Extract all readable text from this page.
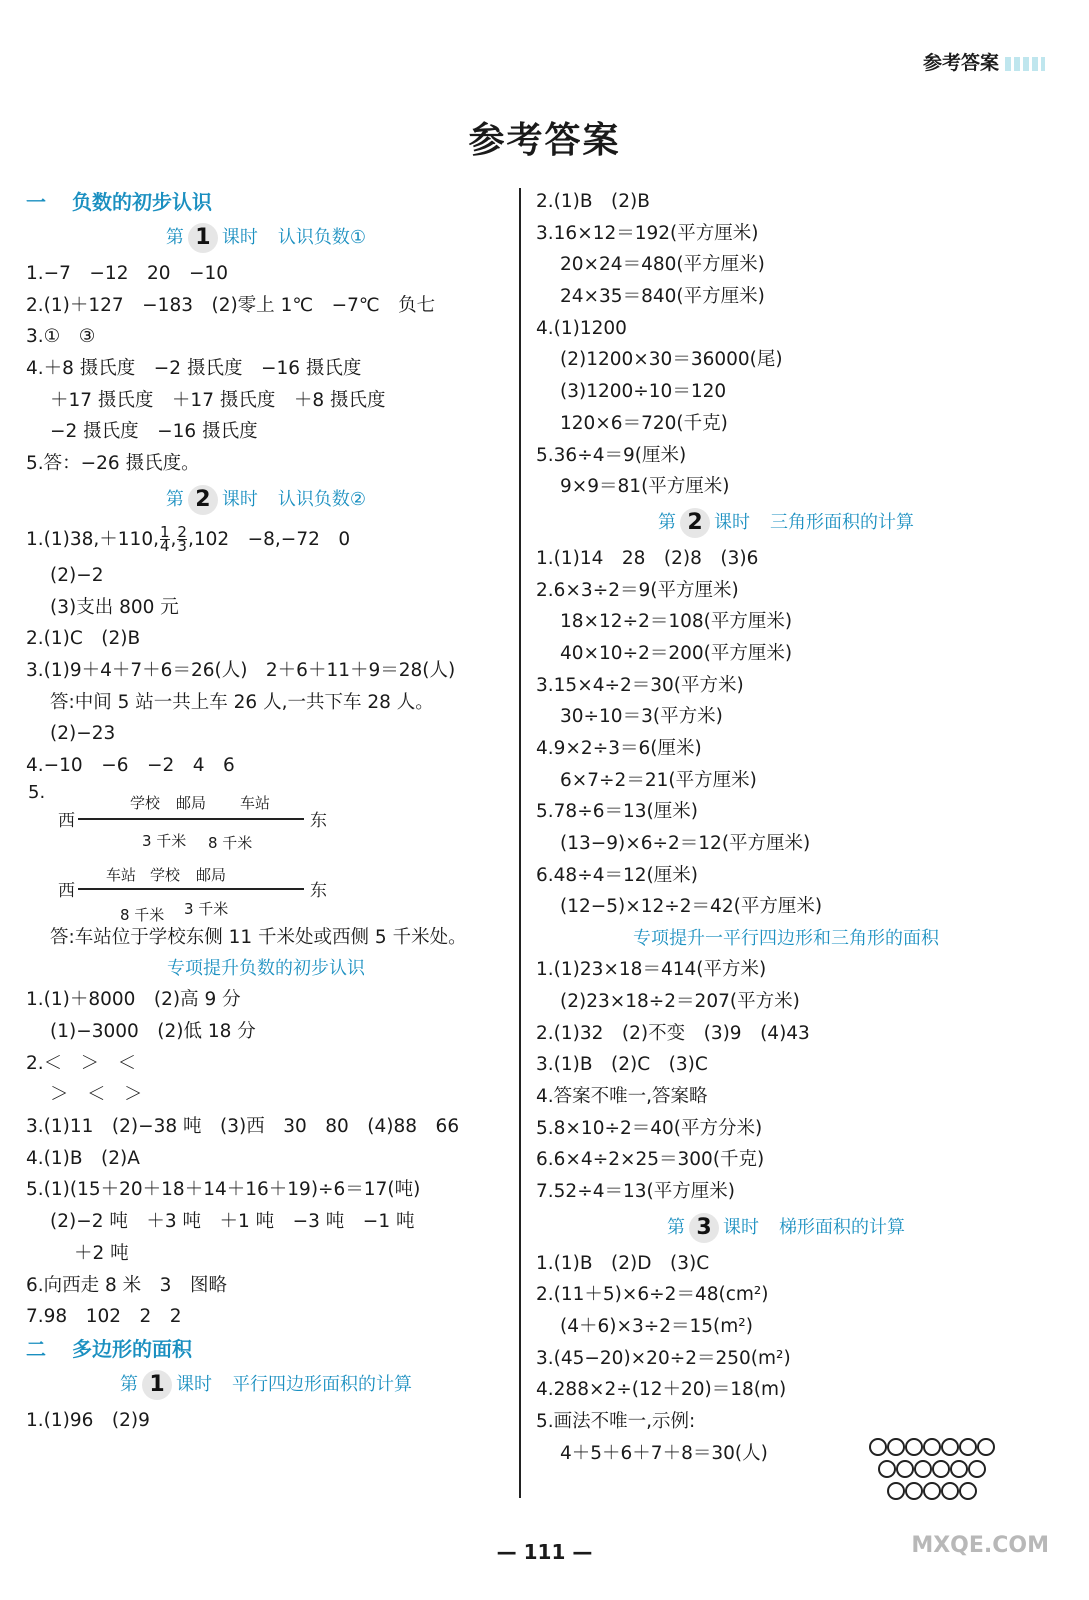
参考答案
参考答案
一 负数的初步认识
第 1 课时 认识负数①
1.−7　−12　20　−10
2.(1)＋127　−183　(2)零上 1℃　−7℃　负七
3.①　③
4.＋8 摄氏度　−2 摄氏度　−16 摄氏度
＋17 摄氏度　＋17 摄氏度　＋8 摄氏度
−2 摄氏度　−16 摄氏度
5.答：−26 摄氏度。
第 2 课时 认识负数②
1.(1)38,＋110, $\frac{1}{4}$ , $\frac{2}{3} ,102$　−8,−72　0
(2)−2
(3)支出 800 元
2.(1)C　(2)B
3.(1)9＋4＋7＋6＝26(人)　2＋6＋11＋9＝28(人)
答:中间 5 站一共上车 26 人,一共下车 28 人。
(2)−23
4.−10　−6　−2　4　6
5.
西	东
学校 邮局 车站
3 千米 8 千米
西	东
车站 学校 邮局
8 千米 3 千米
答:车站位于学校东侧 11 千米处或西侧 5 千米处。
专项提升负数的初步认识
1.(1)＋8000　(2)高 9 分
(1)−3000　(2)低 18 分
2.＜　＞　＜
＞　＜　＞
3.(1)11　(2)−38 吨　(3)西　30　80　(4)88　66
4.(1)B　(2)A
5.(1)(15＋20＋18＋14＋16＋19)÷6＝17(吨)
(2)−2 吨　＋3 吨　＋1 吨　−3 吨　−1 吨
＋2 吨
6.向西走 8 米　3　图略
7.98　102　2　2
二 多边形的面积
第 1 课时 平行四边形面积的计算
1.(1)96　(2)9
2.(1)B　(2)B
3.16×12＝192(平方厘米)
20×24＝480(平方厘米)
24×35＝840(平方厘米)
4.(1)1200
(2)1200×30＝36000(尾)
(3)1200÷10＝120
120×6＝720(千克)
5.36÷4＝9(厘米)
9×9＝81(平方厘米)
第 2 课时 三角形面积的计算
1.(1)14　28　(2)8　(3)6
2.6×3÷2＝9(平方厘米)
18×12÷2＝108(平方厘米)
40×10÷2＝200(平方厘米)
3.15×4÷2＝30(平方米)
30÷10＝3(平方米)
4.9×2÷3＝6(厘米)
6×7÷2＝21(平方厘米)
5.78÷6＝13(厘米)
(13−9)×6÷2＝12(平方厘米)
6.48÷4＝12(厘米)
(12−5)×12÷2＝42(平方厘米)
专项提升一平行四边形和三角形的面积
1.(1)23×18＝414(平方米)
(2)23×18÷2＝207(平方米)
2.(1)32　(2)不变　(3)9　(4)43
3.(1)B　(2)C　(3)C
4.答案不唯一,答案略
5.8×10÷2＝40(平方分米)
6.6×4÷2×25＝300(千克)
7.52÷4＝13(平方厘米)
第 3 课时 梯形面积的计算
1.(1)B　(2)D　(3)C
2.(11＋5)×6÷2＝48(cm²)
(4＋6)×3÷2＝15(m²)
3.(45−20)×20÷2＝250(m²)
4.288×2÷(12＋20)＝18(m)
5.画法不唯一,示例:
4＋5＋6＋7＋8＝30(人)

MXQE.COM
— 111 —
